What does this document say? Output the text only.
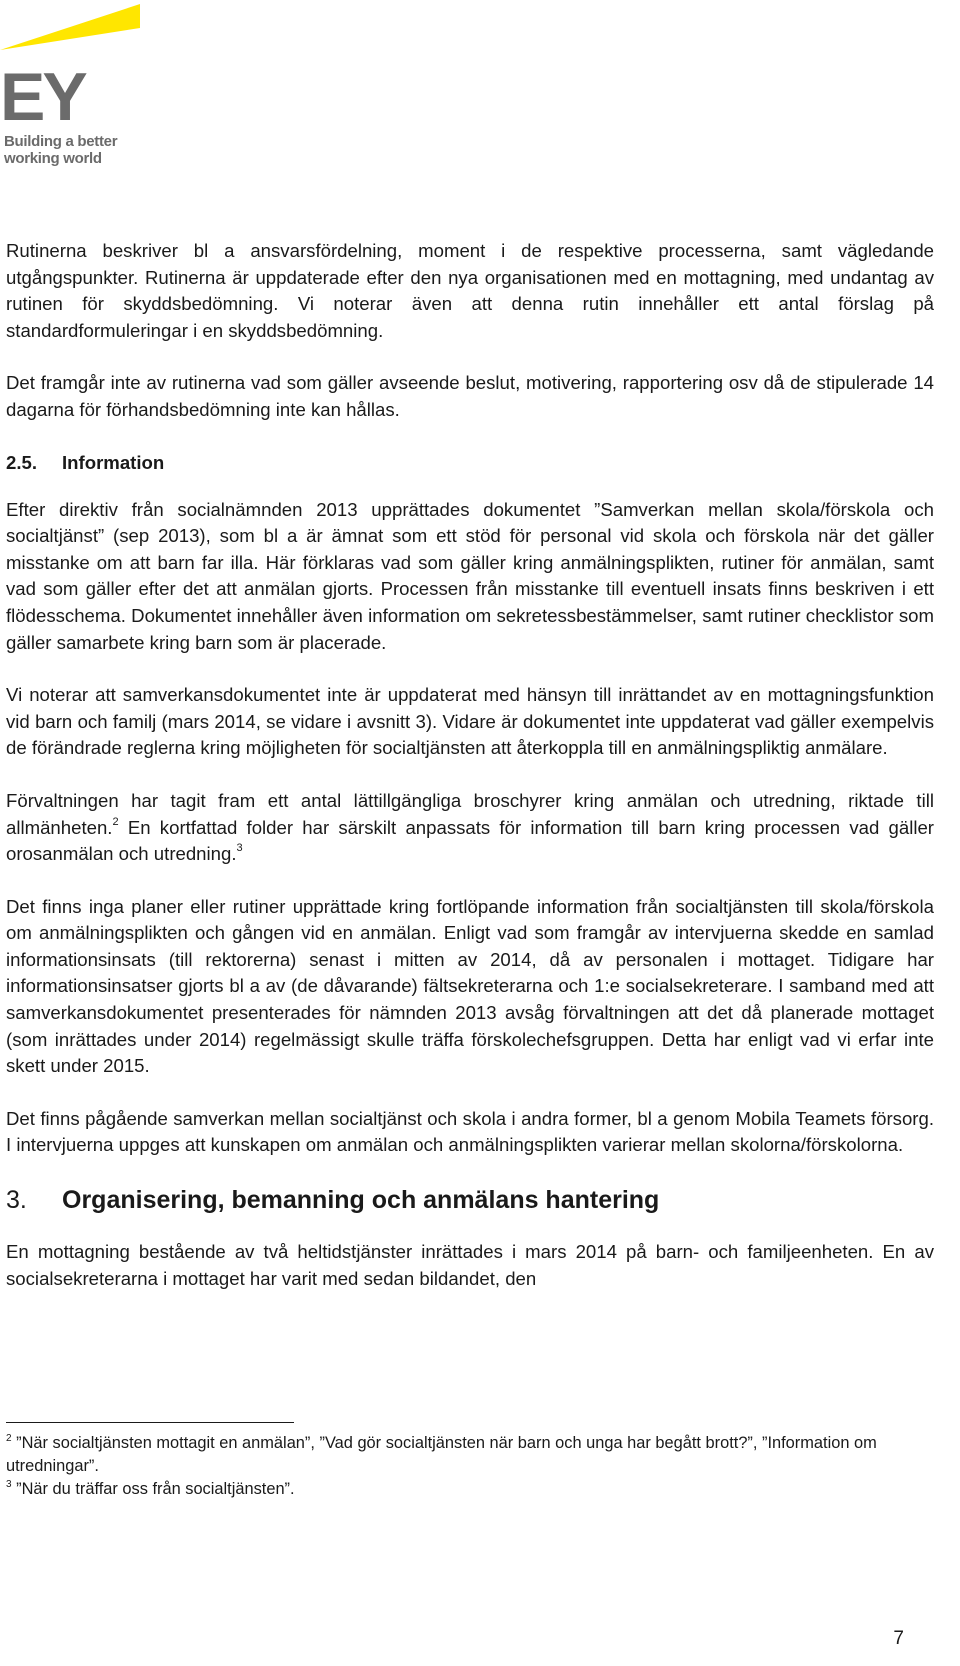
EY
Building a better
working world

Rutinerna beskriver bl a ansvarsfördelning, moment i de respektive processerna, samt vägledande utgångspunkter. Rutinerna är uppdaterade efter den nya organisationen med en mottagning, med undantag av rutinen för skyddsbedömning. Vi noterar även att denna rutin innehåller ett antal förslag på standardformuleringar i en skyddsbedömning.

Det framgår inte av rutinerna vad som gäller avseende beslut, motivering, rapportering osv då de stipulerade 14 dagarna för förhandsbedömning inte kan hållas.

2.5. Information

Efter direktiv från socialnämnden 2013 upprättades dokumentet ”Samverkan mellan skola/förskola och socialtjänst” (sep 2013), som bl a är ämnat som ett stöd för personal vid skola och förskola när det gäller misstanke om att barn far illa. Här förklaras vad som gäller kring anmälningsplikten, rutiner för anmälan, samt vad som gäller efter det att anmälan gjorts. Processen från misstanke till eventuell insats finns beskriven i ett flödesschema. Dokumentet innehåller även information om sekretessbestämmelser, samt rutiner checklistor som gäller samarbete kring barn som är placerade.

Vi noterar att samverkansdokumentet inte är uppdaterat med hänsyn till inrättandet av en mottagningsfunktion vid barn och familj (mars 2014, se vidare i avsnitt 3). Vidare är dokumentet inte uppdaterat vad gäller exempelvis de förändrade reglerna kring möjligheten för socialtjänsten att återkoppla till en anmälningspliktig anmälare.

Förvaltningen har tagit fram ett antal lättillgängliga broschyrer kring anmälan och utredning, riktade till allmänheten.$^2$ En kortfattad folder har särskilt anpassats för information till barn kring processen vad gäller orosanmälan och utredning.$^3$

Det finns inga planer eller rutiner upprättade kring fortlöpande information från socialtjänsten till skola/förskola om anmälningsplikten och gången vid en anmälan. Enligt vad som framgår av intervjuerna skedde en samlad informationsinsats (till rektorerna) senast i mitten av 2014, då av personalen i mottaget. Tidigare har informationsinsatser gjorts bl a av (de dåvarande) fältsekreterarna och 1:e socialsekreterare. I samband med att samverkansdokumentet presenterades för nämnden 2013 avsåg förvaltningen att det då planerade mottaget (som inrättades under 2014) regelmässigt skulle träffa förskolechefsgruppen. Detta har enligt vad vi erfar inte skett under 2015.

Det finns pågående samverkan mellan socialtjänst och skola i andra former, bl a genom Mobila Teamets försorg. I intervjuerna uppges att kunskapen om anmälan och anmälningsplikten varierar mellan skolorna/förskolorna.

3. Organisering, bemanning och anmälans hantering

En mottagning bestående av två heltidstjänster inrättades i mars 2014 på barn- och familjeenheten. En av socialsekreterarna i mottaget har varit med sedan bildandet, den

$^2$ ”När socialtjänsten mottagit en anmälan”, ”Vad gör socialtjänsten när barn och unga har begått brott?”, ”Information om utredningar”.

$^3$ ”När du träffar oss från socialtjänsten”.

7
